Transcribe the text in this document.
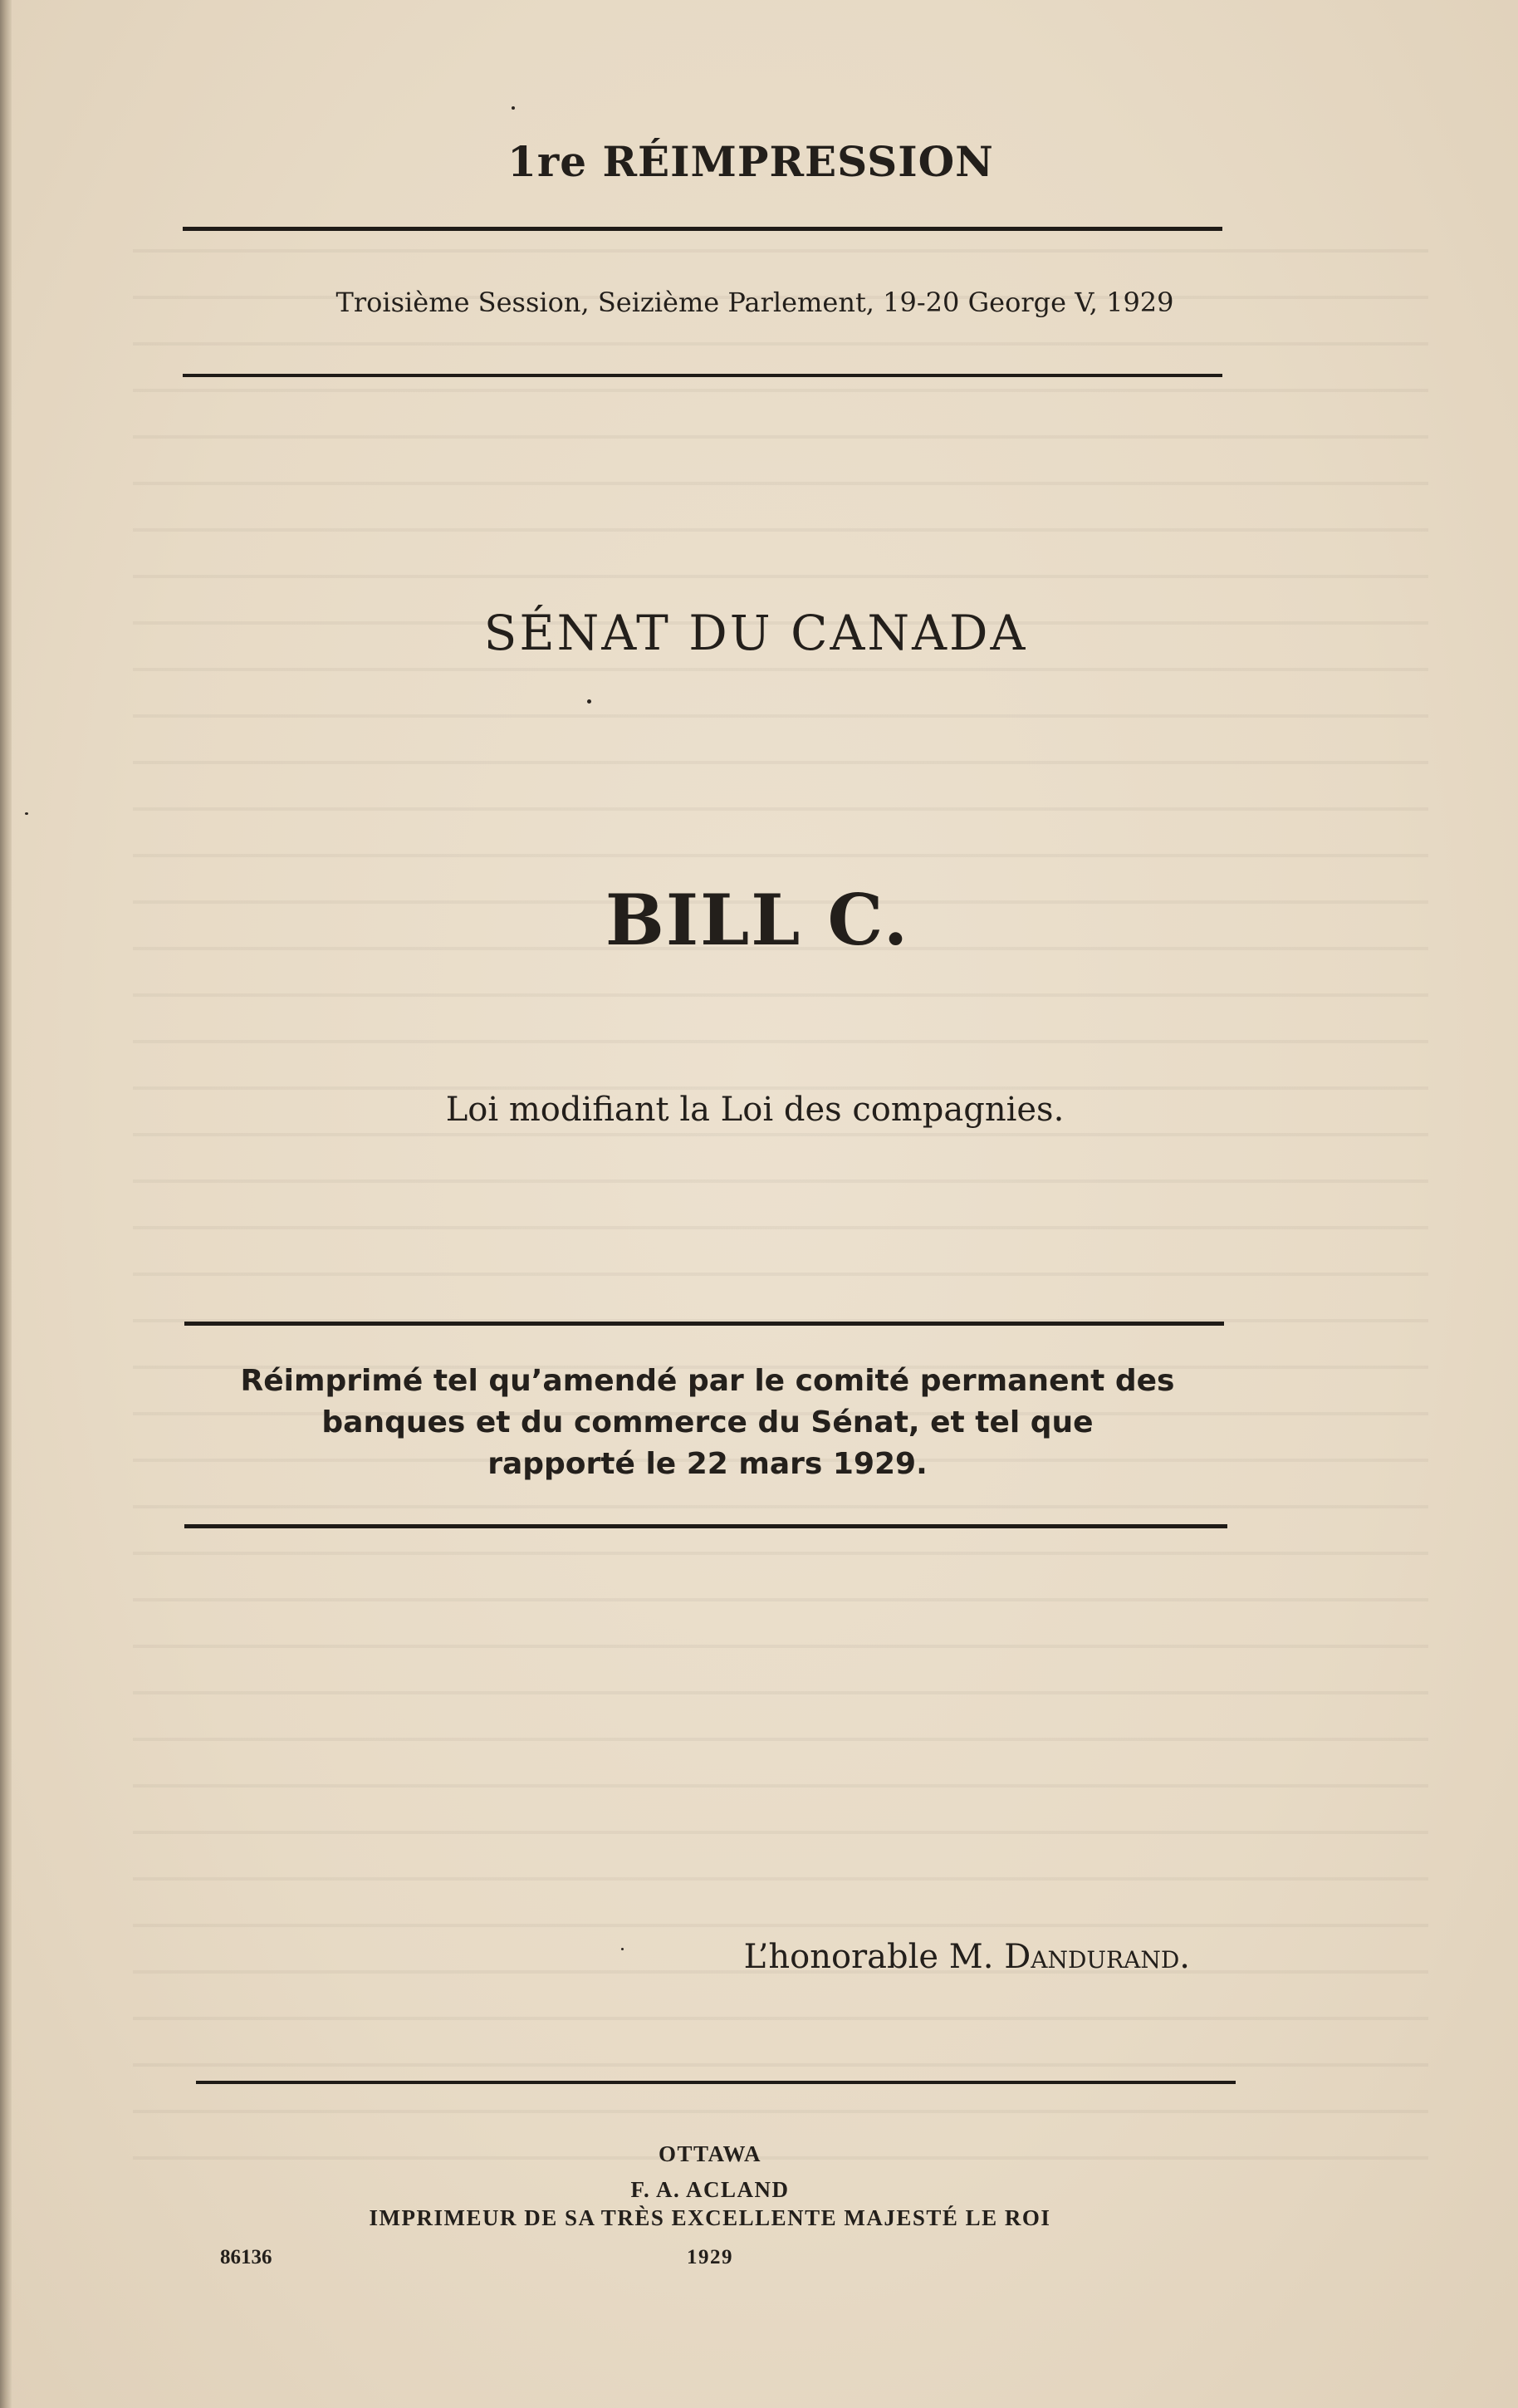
1re RÉIMPRESSION
Troisième Session, Seizième Parlement, 19-20 George V, 1929
SÉNAT DU CANADA
BILL C.
Loi modifiant la Loi des compagnies.
Réimprimé tel qu’amendé par le comité permanent des
banques et du commerce du Sénat, et tel que
rapporté le 22 mars 1929.
L’honorable M. Dandurand.
OTTAWA
F. A. ACLAND
IMPRIMEUR DE SA TRÈS EXCELLENTE MAJESTÉ LE ROI
86136	1929
